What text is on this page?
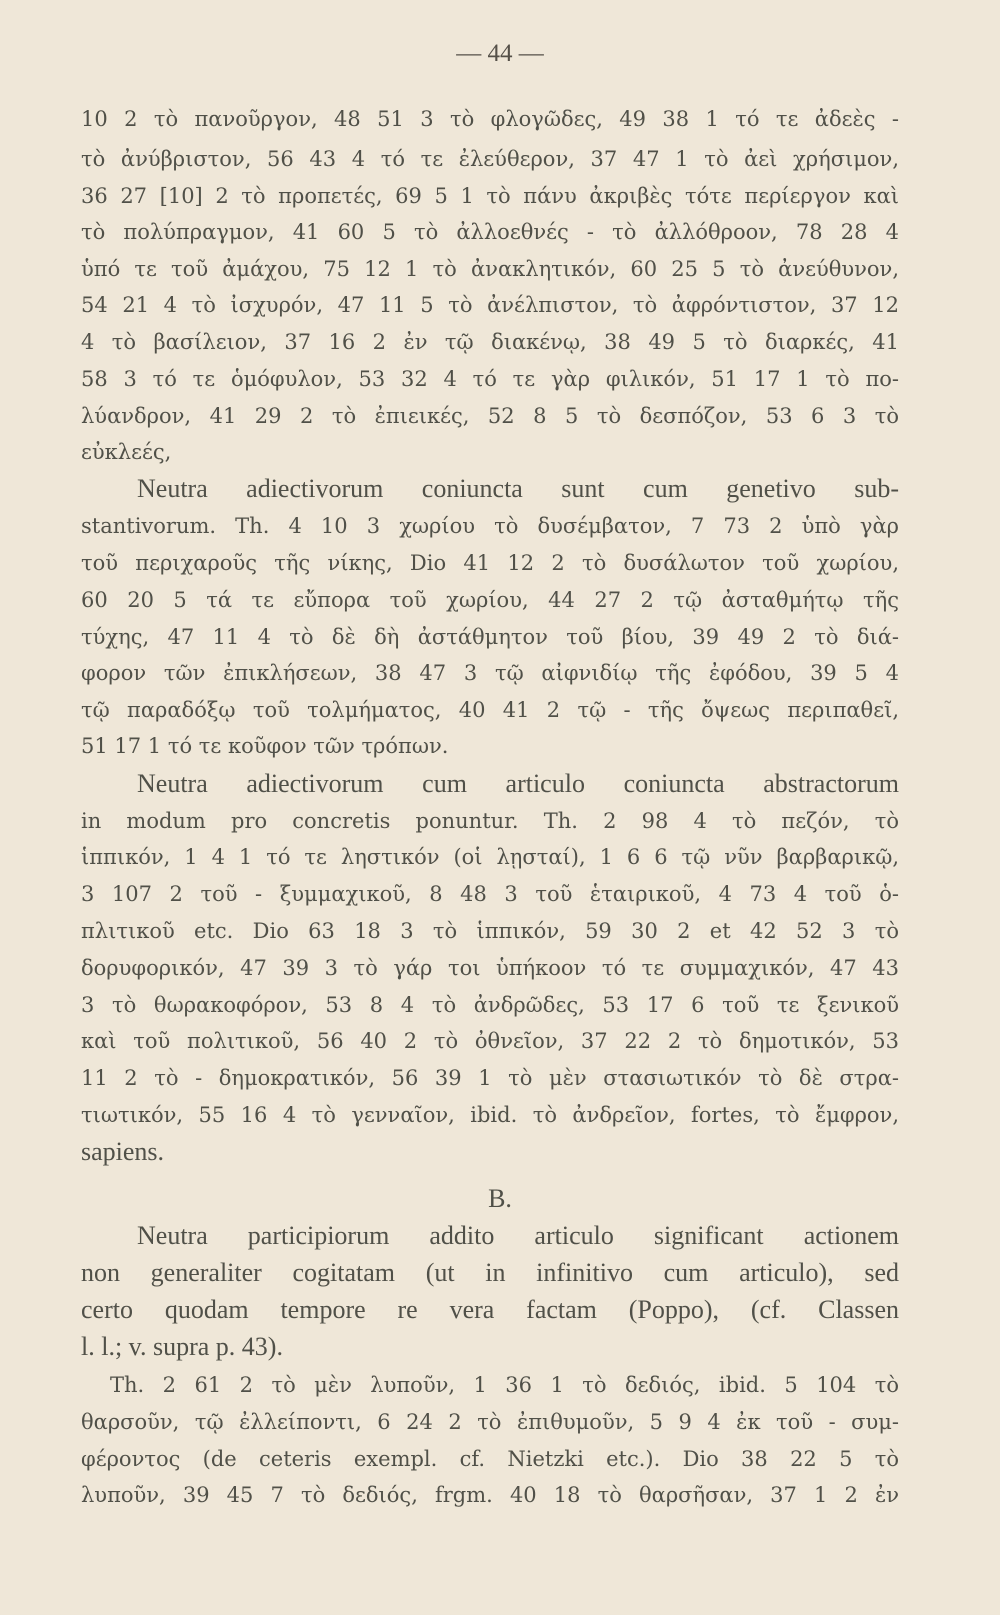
— 44 —
10 2 τὸ πανοῦργον, 48 51 3 τὸ φλογῶδες, 49 38 1 τό τε ἀδεὲς -
τὸ ἀνύβριστον, 56 43 4 τό τε ἐλεύθερον, 37 47 1 τὸ ἀεὶ χρήσιμον,
36 27 [10] 2 τὸ προπετές, 69 5 1 τὸ πάνυ ἀκριβὲς τότε περίεργον καὶ
τὸ πολύπραγμον, 41 60 5 τὸ ἀλλοεθνές - τὸ ἀλλόθροον, 78 28 4
ὑπό τε τοῦ ἀμάχου, 75 12 1 τὸ ἀνακλητικόν, 60 25 5 τὸ ἀνεύθυνον,
54 21 4 τὸ ἰσχυρόν, 47 11 5 τὸ ἀνέλπιστον, τὸ ἀφρόντιστον, 37 12
4 τὸ βασίλειον, 37 16 2 ἐν τῷ διακένῳ, 38 49 5 τὸ διαρκές, 41
58 3 τό τε ὁμόφυλον, 53 32 4 τό τε γὰρ φιλικόν, 51 17 1 τὸ πο-
λύανδρον, 41 29 2 τὸ ἐπιεικές, 52 8 5 τὸ δεσπόζον, 53 6 3 τὸ
εὐκλεές,
Neutra adiectivorum coniuncta sunt cum genetivo sub-
stantivorum. Th. 4 10 3 χωρίου τὸ δυσέμβατον, 7 73 2 ὑπὸ γὰρ
τοῦ περιχαροῦς τῆς νίκης, Dio 41 12 2 τὸ δυσάλωτον τοῦ χωρίου,
60 20 5 τά τε εὔπορα τοῦ χωρίου, 44 27 2 τῷ ἀσταθμήτῳ τῆς
τύχης, 47 11 4 τὸ δὲ δὴ ἀστάθμητον τοῦ βίου, 39 49 2 τὸ διά-
φορον τῶν ἐπικλήσεων, 38 47 3 τῷ αἰφνιδίῳ τῆς ἐφόδου, 39 5 4
τῷ παραδόξῳ τοῦ τολμήματος, 40 41 2 τῷ - τῆς ὄψεως περιπαθεῖ,
51 17 1 τό τε κοῦφον τῶν τρόπων.
Neutra adiectivorum cum articulo coniuncta abstractorum
in modum pro concretis ponuntur. Th. 2 98 4 τὸ πεζόν, τὸ
ἱππικόν, 1 4 1 τό τε ληστικόν (οἱ λῃσταί), 1 6 6 τῷ νῦν βαρβαρικῷ,
3 107 2 τοῦ - ξυμμαχικοῦ, 8 48 3 τοῦ ἑταιρικοῦ, 4 73 4 τοῦ ὁ-
πλιτικοῦ etc. Dio 63 18 3 τὸ ἱππικόν, 59 30 2 et 42 52 3 τὸ
δορυφορικόν, 47 39 3 τὸ γάρ τοι ὑπήκοον τό τε συμμαχικόν, 47 43
3 τὸ θωρακοφόρον, 53 8 4 τὸ ἀνδρῶδες, 53 17 6 τοῦ τε ξενικοῦ
καὶ τοῦ πολιτικοῦ, 56 40 2 τὸ ὀθνεῖον, 37 22 2 τὸ δημοτικόν, 53
11 2 τὸ - δημοκρατικόν, 56 39 1 τὸ μὲν στασιωτικόν τὸ δὲ στρα-
τιωτικόν, 55 16 4 τὸ γενναῖον, ibid. τὸ ἀνδρεῖον, fortes, τὸ ἔμφρον,
sapiens.
B.
Neutra participiorum addito articulo significant actionem
non generaliter cogitatam (ut in infinitivo cum articulo), sed
certo quodam tempore re vera factam (Poppo), (cf. Classen
l. l.; v. supra p. 43).
Th. 2 61 2 τὸ μὲν λυποῦν, 1 36 1 τὸ δεδιός, ibid. 5 104 τὸ
θαρσοῦν, τῷ ἐλλείποντι, 6 24 2 τὸ ἐπιθυμοῦν, 5 9 4 ἐκ τοῦ - συμ-
φέροντος (de ceteris exempl. cf. Nietzki etc.). Dio 38 22 5 τὸ
λυποῦν, 39 45 7 τὸ δεδιός, frgm. 40 18 τὸ θαρσῆσαν, 37 1 2 ἐν
